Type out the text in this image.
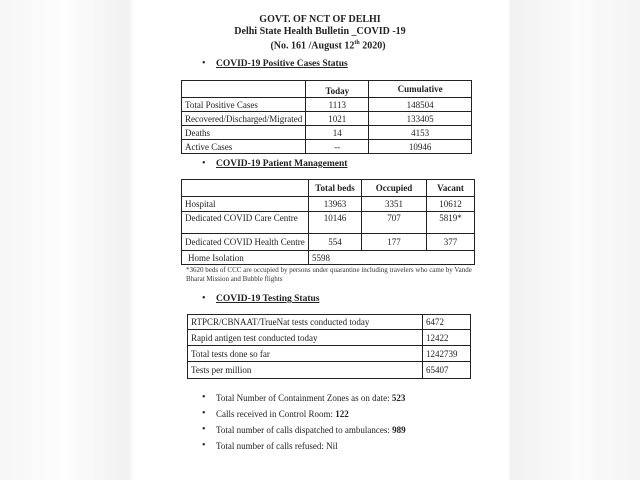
GOVT. OF NCT OF DELHI
Delhi State Health Bulletin _COVID -19
(No. 161 /August 12th 2020)
• COVID-19 Positive Cases Status
	Today	Cumulative
Total Positive Cases	1113	148504
Recovered/Discharged/Migrated	1021	133405
Deaths	14	4153
Active Cases	--	10946
• COVID-19 Patient Management
	Total beds	Occupied	Vacant
Hospital	13963	3351	10612
Dedicated COVID Care Centre	10146	707	5819*
Dedicated COVID Health Centre	554	177	377
Home Isolation	5598		
*3620 beds of CCC are occupied by persons under quarantine including travelers who came by Vande Bharat Mission and Bubble flights
• COVID-19 Testing Status
RTPCR/CBNAAT/TrueNat tests conducted today	6472
Rapid antigen test conducted today	12422
Total tests done so far	1242739
Tests per million	65407
• Total Number of Containment Zones as on date: 523
• Calls received in Control Room: 122
• Total number of calls dispatched to ambulances: 989
• Total number of calls refused: Nil
